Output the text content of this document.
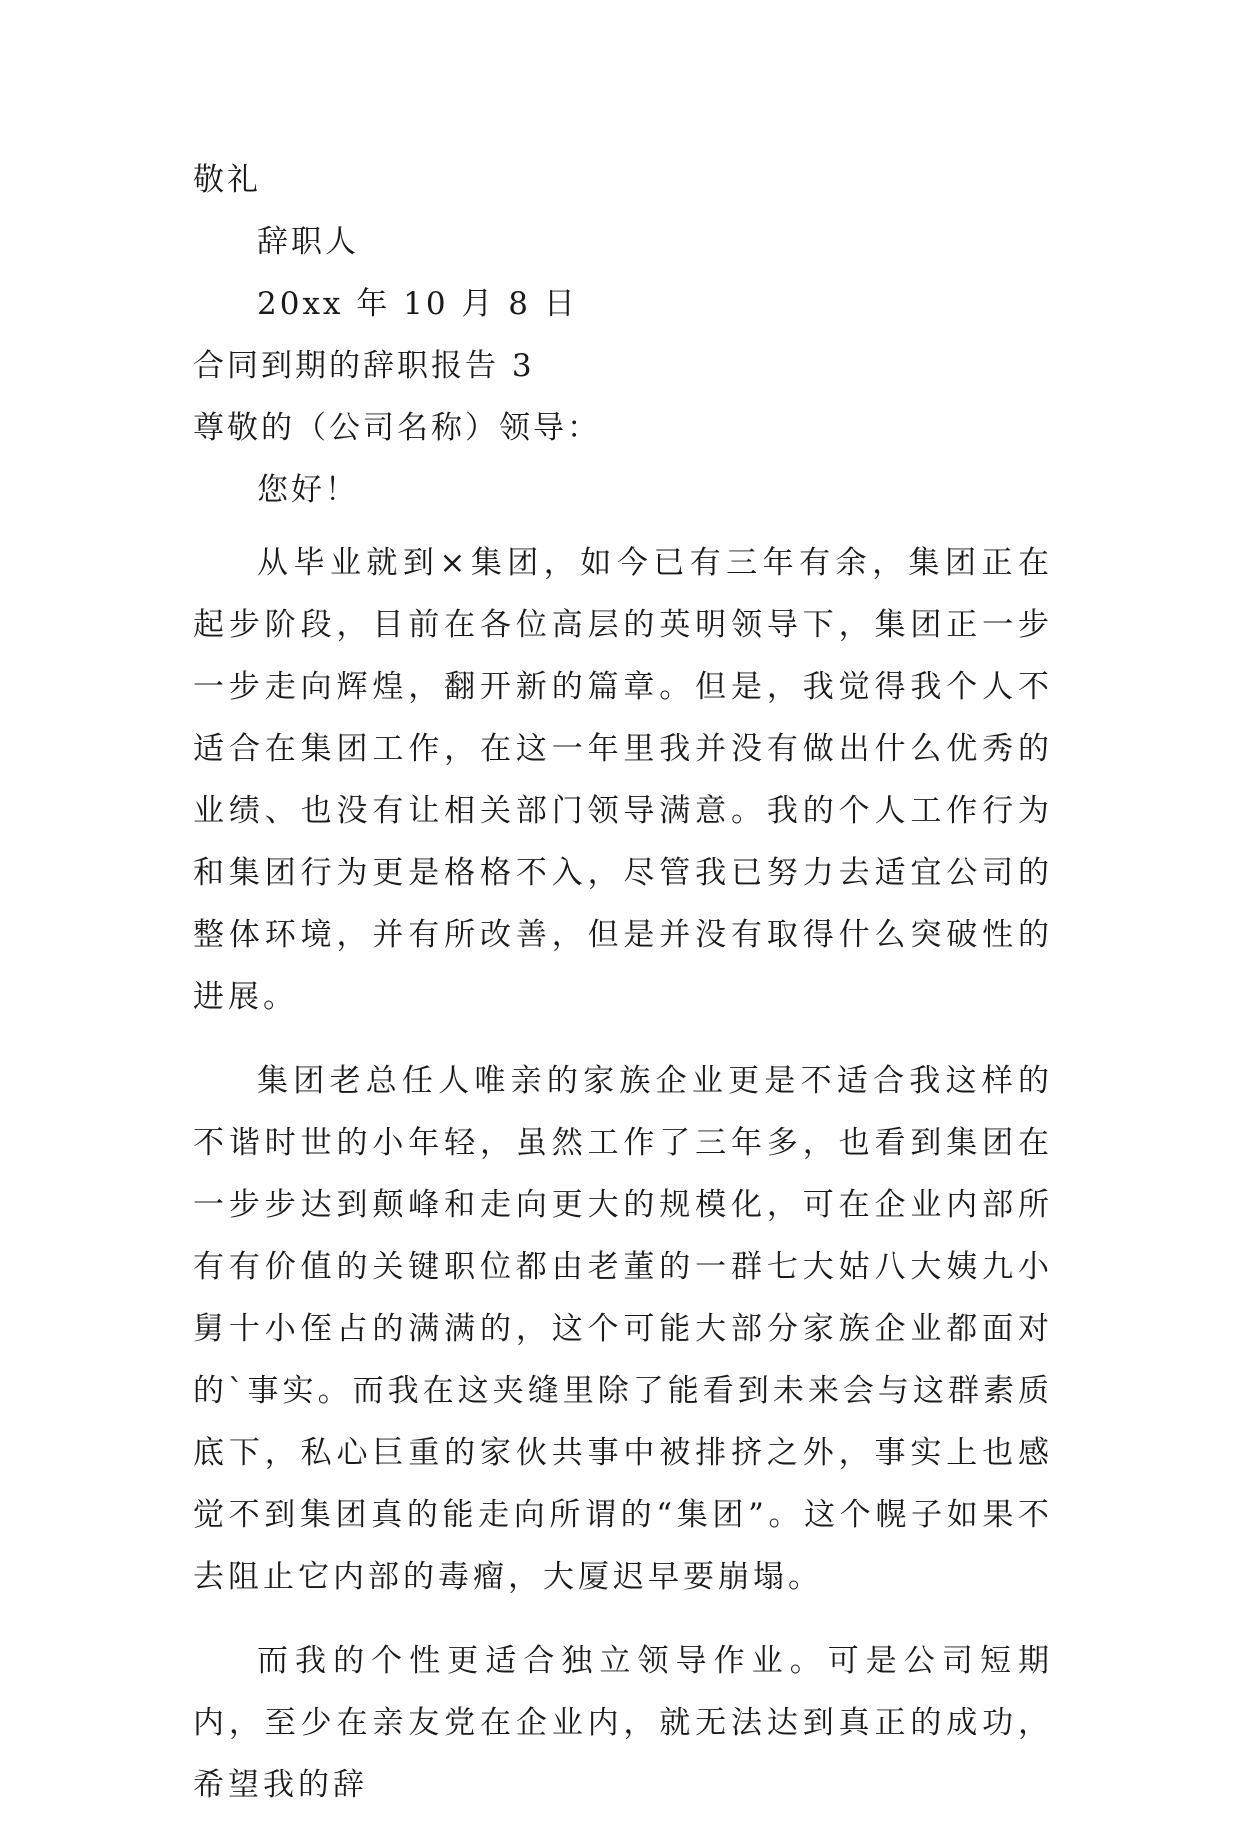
敬礼
辞职人
20xx 年 10 月 8 日
合同到期的辞职报告 3
尊敬的（公司名称）领导：
您好！

从毕业就到×集团，如今已有三年有余，集团正在起步阶段，目前在各位高层的英明领导下，集团正一步一步走向辉煌，翻开新的篇章。但是，我觉得我个人不适合在集团工作，在这一年里我并没有做出什么优秀的业绩、也没有让相关部门领导满意。我的个人工作行为和集团行为更是格格不入，尽管我已努力去适宜公司的整体环境，并有所改善，但是并没有取得什么突破性的进展。

集团老总任人唯亲的家族企业更是不适合我这样的不谐时世的小年轻，虽然工作了三年多，也看到集团在一步步达到颠峰和走向更大的规模化，可在企业内部所有有价值的关键职位都由老董的一群七大姑八大姨九小舅十小侄占的满满的，这个可能大部分家族企业都面对的`事实。而我在这夹缝里除了能看到未来会与这群素质底下，私心巨重的家伙共事中被排挤之外，事实上也感觉不到集团真的能走向所谓的“集团”。这个幌子如果不去阻止它内部的毒瘤，大厦迟早要崩塌。

而我的个性更适合独立领导作业。可是公司短期内，至少在亲友党在企业内，就无法达到真正的成功，希望我的辞
